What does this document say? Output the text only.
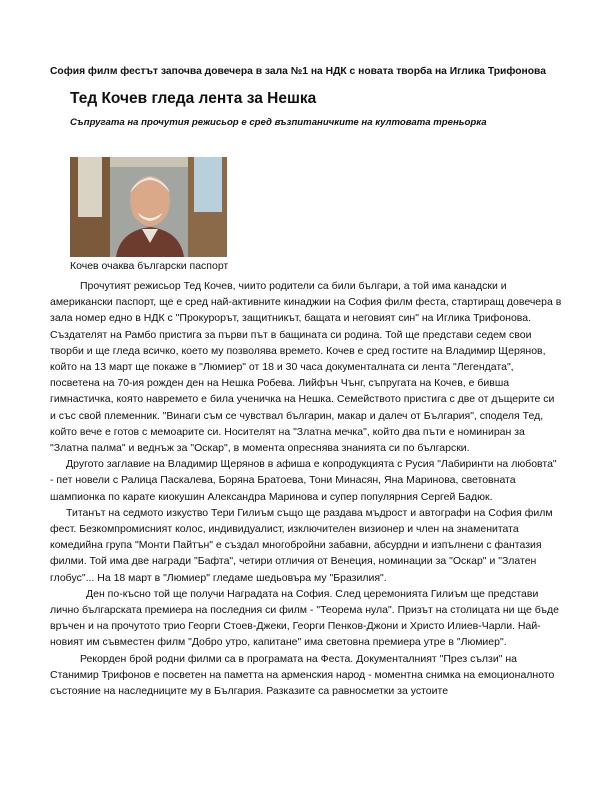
София филм фестът започва довечера в зала №1 на НДК с новата творба на Иглика Трифонова
Тед Кочев гледа лента за Нешка
Съпругата на прочутия режисьор е сред възпитаничките на култовата треньорка
Кочев очаква български паспорт

Прочутият режисьор Тед Кочев, чиито родители са били българи, а той има канадски и американски паспорт, ще е сред най-активните кинаджии на София филм феста, стартиращ довечера в зала номер едно в НДК с "Прокурорът, защитникът, бащата и неговият син" на Иглика Трифонова. Създателят на Рамбо пристига за първи път в бащината си родина. Той ще представи седем свои творби и ще гледа всичко, което му позволява времето. Кочев е сред гостите на Владимир Щерянов, който на 13 март ще покаже в "Люмиер" от 18 и 30 часа документалната си лента "Легендата", посветена на 70-ия рожден ден на Нешка Робева. Лийфън Чънг, съпругата на Кочев, е бивша гимнастичка, която навремето е била ученичка на Нешка. Семейството пристига с две от дъщерите си и със свой племенник. "Винаги съм се чувствал българин, макар и далеч от България", споделя Тед, който вече е готов с мемоарите си. Носителят на "Златна мечка", който два пъти е номиниран за "Златна палма" и веднъж за "Оскар", в момента опреснява знанията си по български.

Другото заглавие на Владимир Щерянов в афиша е копродукцията с Русия "Лабиринти на любовта" - пет новели с Ралица Паскалева, Боряна Братоева, Тони Минасян, Яна Маринова, световната шампионка по карате киокушин Александра Маринова и супер популярния Сергей Бадюк.

Титанът на седмото изкуство Тери Гилиъм също ще раздава мъдрост и автографи на София филм фест. Безкомпромисният колос, индивидуалист, изключителен визионер и член на знаменитата комедийна група "Монти Пайтън" е създал многобройни забавни, абсурдни и изпълнени с фантазия филми. Той има две награди "Бафта", четири отличия от Венеция, номинации за "Оскар" и "Златен глобус"... На 18 март в "Люмиер" гледаме шедьовъра му "Бразилия".

Ден по-късно той ще получи Наградата на София. След церемонията Гилиъм ще представи лично българската премиера на последния си филм - "Теорема нула". Призът на столицата ни ще бъде връчен и на прочутото трио Георги Стоев-Джеки, Георги Пенков-Джони и Христо Илиев-Чарли. Най-новият им съвместен филм "Добро утро, капитане" има световна премиера утре в "Люмиер".

Рекорден брой родни филми са в програмата на Феста. Документалният "През сълзи" на Станимир Трифонов е посветен на паметта на арменския народ - моментна снимка на емоционалното състояние на наследниците му в България. Разказите са равносметки за устоите
